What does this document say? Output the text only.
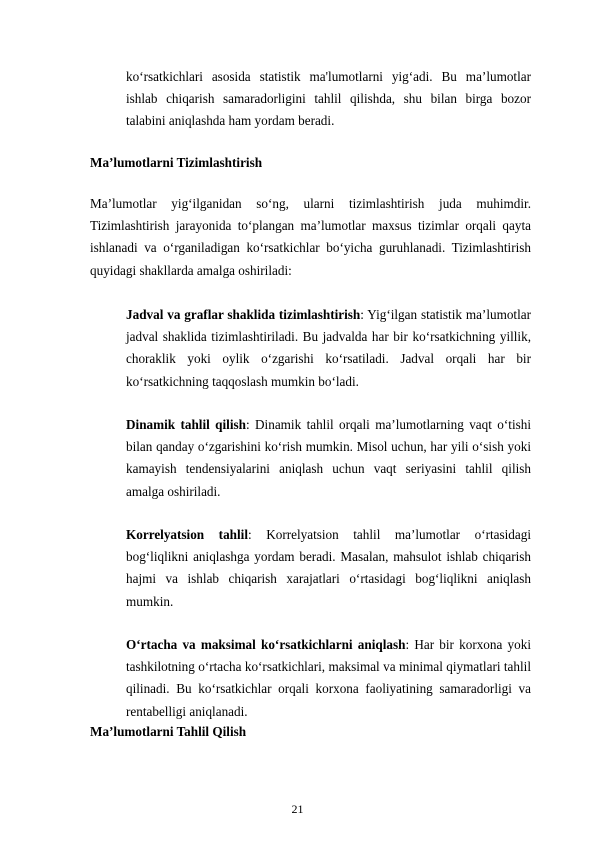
ko‘rsatkichlari asosida statistik ma'lumotlarni yig‘adi. Bu ma’lumotlar ishlab chiqarish samaradorligini tahlil qilishda, shu bilan birga bozor talabini aniqlashda ham yordam beradi.

Ma’lumotlarni Tizimlashtirish

Ma’lumotlar yig‘ilganidan so‘ng, ularni tizimlashtirish juda muhimdir. Tizimlashtirish jarayonida to‘plangan ma’lumotlar maxsus tizimlar orqali qayta ishlanadi va o‘rganiladigan ko‘rsatkichlar bo‘yicha guruhlanadi. Tizimlashtirish quyidagi shakllarda amalga oshiriladi:

Jadval va graflar shaklida tizimlashtirish: Yig‘ilgan statistik ma’lumotlar jadval shaklida tizimlashtiriladi. Bu jadvalda har bir ko‘rsatkichning yillik, choraklik yoki oylik o‘zgarishi ko‘rsatiladi. Jadval orqali har bir ko‘rsatkichning taqqoslash mumkin bo‘ladi.

Dinamik tahlil qilish: Dinamik tahlil orqali ma’lumotlarning vaqt o‘tishi bilan qanday o‘zgarishini ko‘rish mumkin. Misol uchun, har yili o‘sish yoki kamayish tendensiyalarini aniqlash uchun vaqt seriyasini tahlil qilish amalga oshiriladi.

Korrelyatsion tahlil: Korrelyatsion tahlil ma’lumotlar o‘rtasidagi bog‘liqlikni aniqlashga yordam beradi. Masalan, mahsulot ishlab chiqarish hajmi va ishlab chiqarish xarajatlari o‘rtasidagi bog‘liqlikni aniqlash mumkin.

O‘rtacha va maksimal ko‘rsatkichlarni aniqlash: Har bir korxona yoki tashkilotning o‘rtacha ko‘rsatkichlari, maksimal va minimal qiymatlari tahlil qilinadi. Bu ko‘rsatkichlar orqali korxona faoliyatining samaradorligi va rentabelligi aniqlanadi.

Ma’lumotlarni Tahlil Qilish
21
